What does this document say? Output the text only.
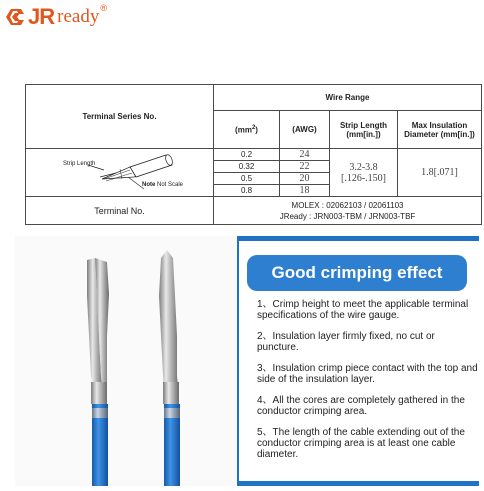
JR ready ®
Terminal Series No.	Wire Range			
	$(mm^2)$	(AWG)	Strip Length (mm[in.])	Max Insulation Diameter (mm[in.])

Strip Length
Note Not Scale	0.2	24	3.2-3.8 [.126-.150]	1.8[.071]
	0.32	22		
	0.5	20		
	0.8	18		
Terminal No.	MOLEX : 02062103 / 02061103
JReady : JRN003-TBM / JRN003-TBF			
Good crimping effect
1、Crimp height to meet the applicable terminal specifications of the wire gauge.
2、Insulation layer firmly fixed, no cut or puncture.
3、Insulation crimp piece contact with the top and side of the insulation layer.
4、All the cores are completely gathered in the conductor crimping area.
5、The length of the cable extending out of the conductor crimping area is at least one cable diameter.
